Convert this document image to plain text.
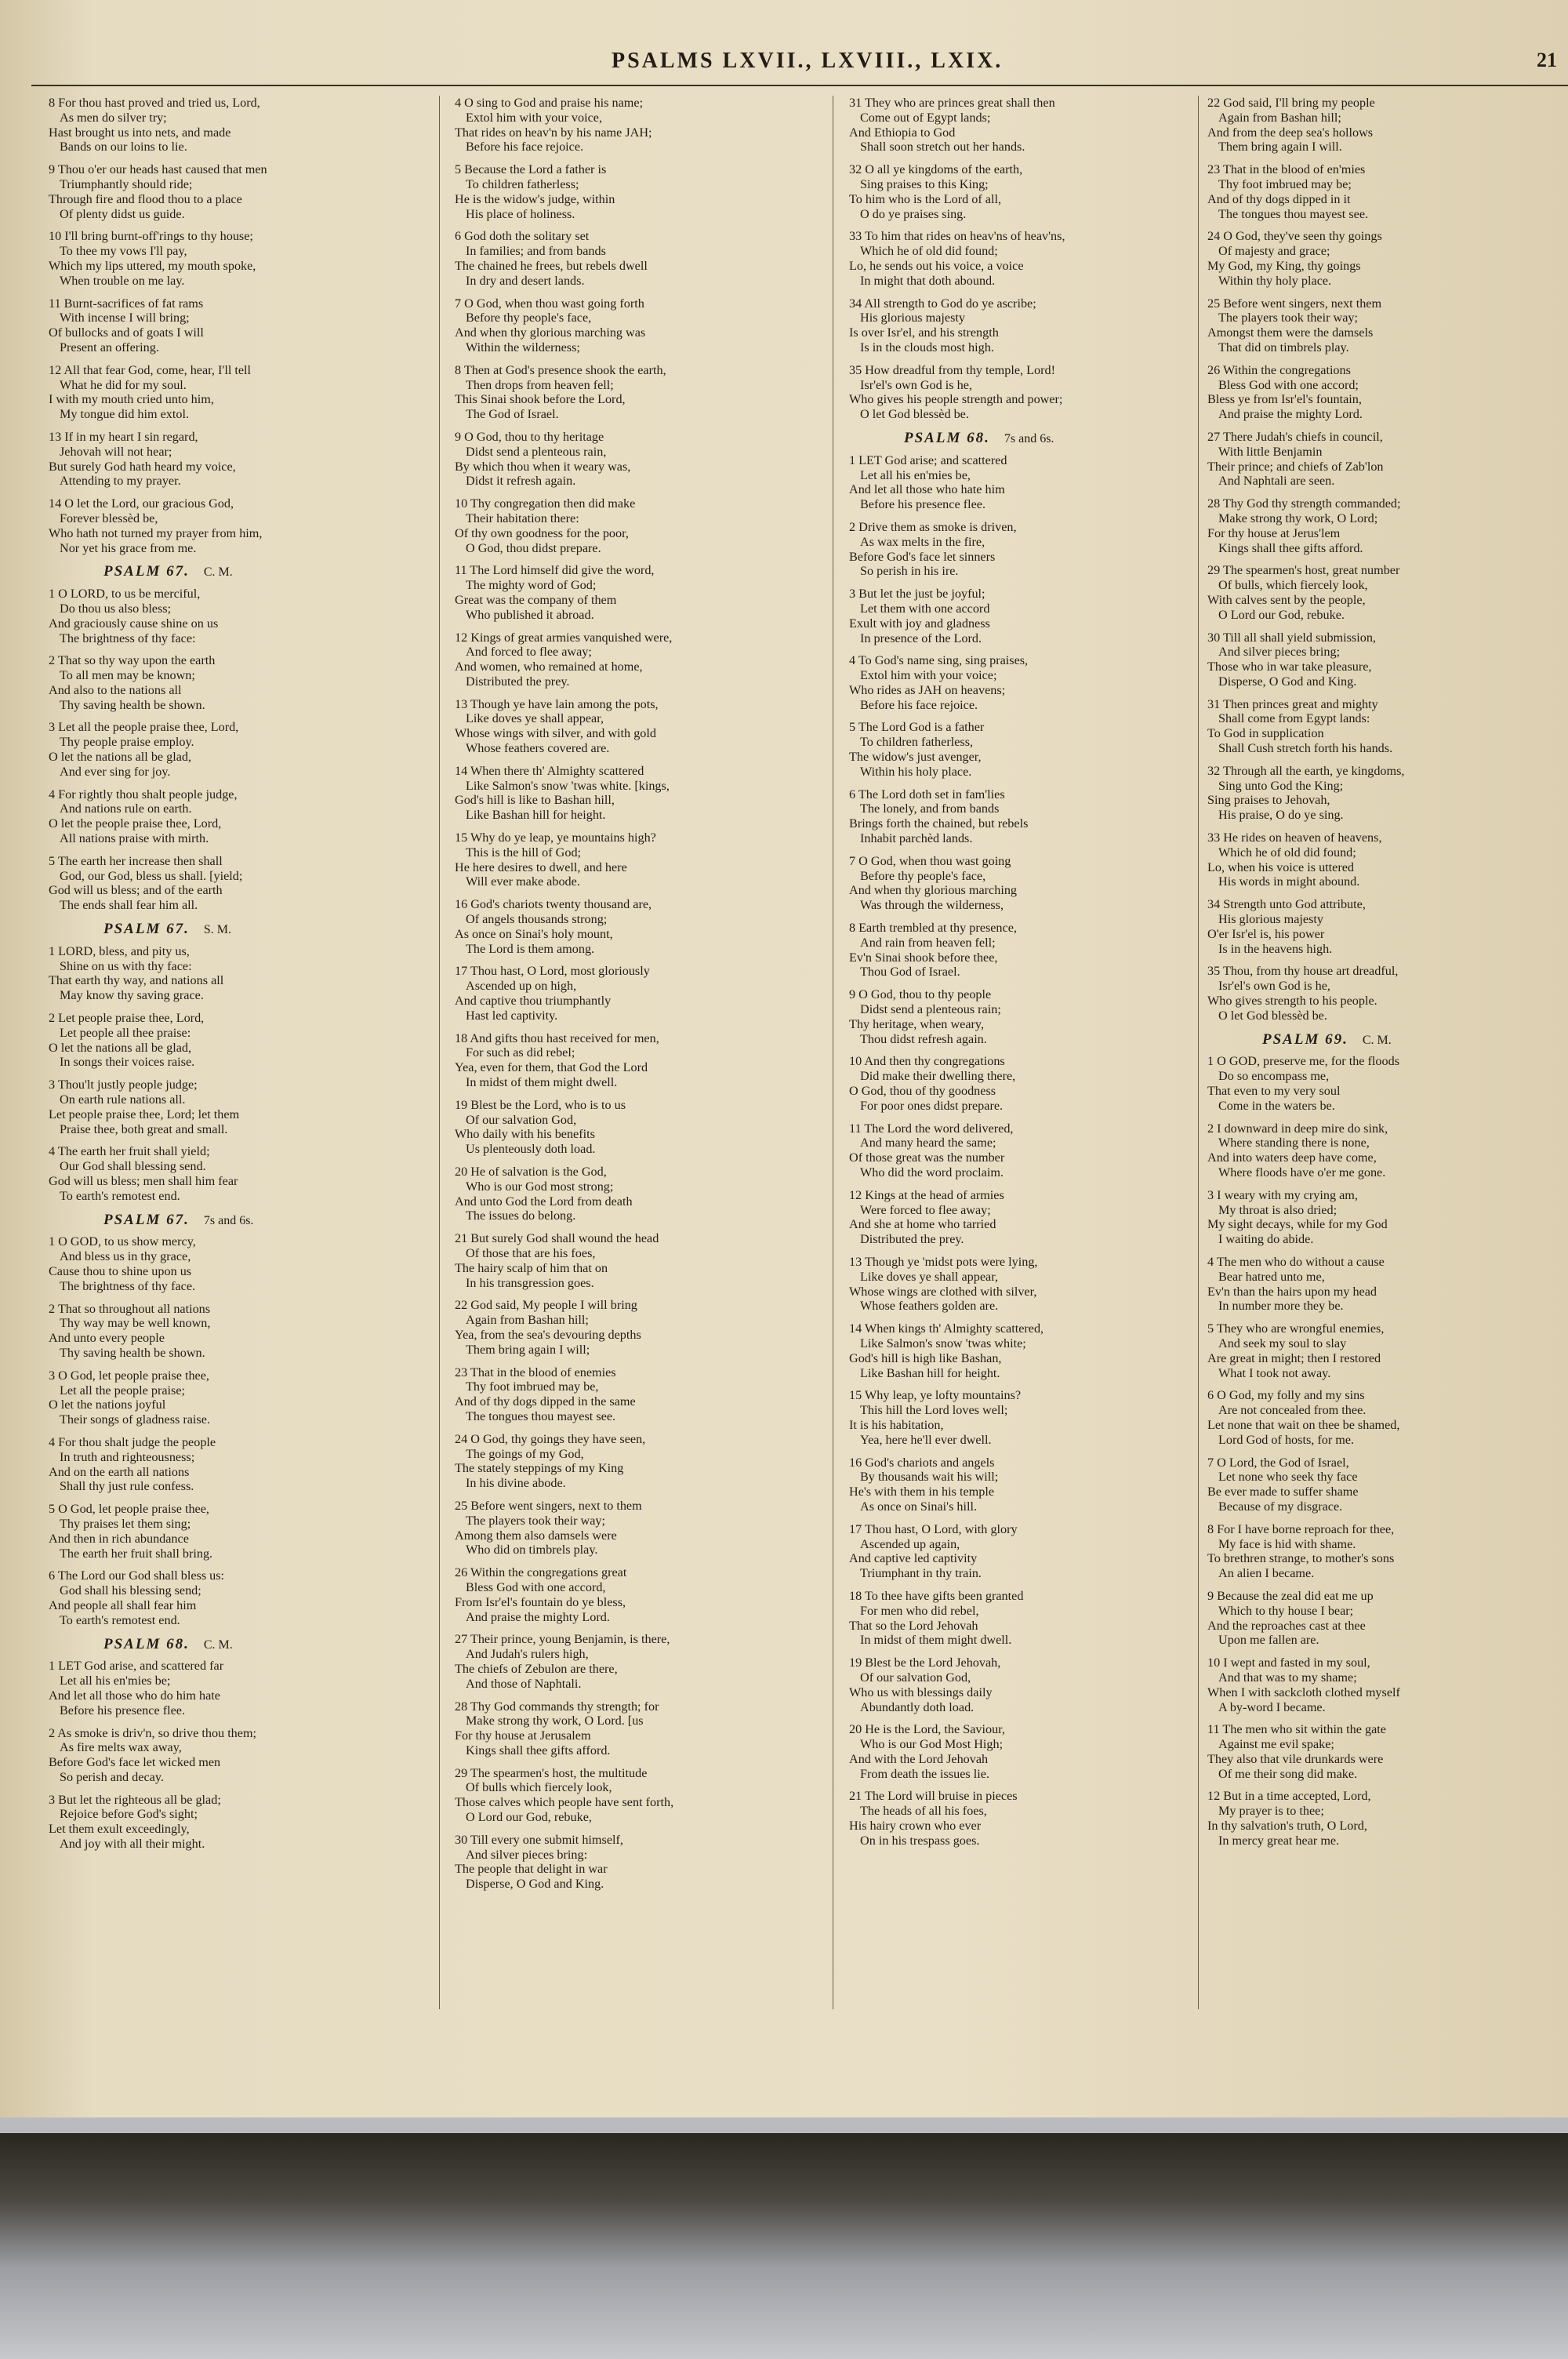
PSALMS LXVII., LXVIII., LXIX.	21
8 For thou hast proved and tried us, Lord,
As men do silver try;
Hast brought us into nets, and made
Bands on our loins to lie.
9 Thou o'er our heads hast caused that men
Triumphantly should ride;
Through fire and flood thou to a place
Of plenty didst us guide.
10 I'll bring burnt-off'rings to thy house;
To thee my vows I'll pay,
Which my lips uttered, my mouth spoke,
When trouble on me lay.
11 Burnt-sacrifices of fat rams
With incense I will bring;
Of bullocks and of goats I will
Present an offering.
12 All that fear God, come, hear, I'll tell
What he did for my soul.
I with my mouth cried unto him,
My tongue did him extol.
13 If in my heart I sin regard,
Jehovah will not hear;
But surely God hath heard my voice,
Attending to my prayer.
14 O let the Lord, our gracious God,
Forever blessèd be,
Who hath not turned my prayer from him,
Nor yet his grace from me.
PSALM 67. C. M.
1 O LORD, to us be merciful,
Do thou us also bless;
And graciously cause shine on us
The brightness of thy face:
2 That so thy way upon the earth
To all men may be known;
And also to the nations all
Thy saving health be shown.
3 Let all the people praise thee, Lord,
Thy people praise employ.
O let the nations all be glad,
And ever sing for joy.
4 For rightly thou shalt people judge,
And nations rule on earth.
O let the people praise thee, Lord,
All nations praise with mirth.
5 The earth her increase then shall
God, our God, bless us shall. [yield;
God will us bless; and of the earth
The ends shall fear him all.
PSALM 67. S. M.
1 LORD, bless, and pity us,
Shine on us with thy face:
That earth thy way, and nations all
May know thy saving grace.
2 Let people praise thee, Lord,
Let people all thee praise:
O let the nations all be glad,
In songs their voices raise.
3 Thou'lt justly people judge;
On earth rule nations all.
Let people praise thee, Lord; let them
Praise thee, both great and small.
4 The earth her fruit shall yield;
Our God shall blessing send.
God will us bless; men shall him fear
To earth's remotest end.
PSALM 67. 7s and 6s.
1 O GOD, to us show mercy,
And bless us in thy grace,
Cause thou to shine upon us
The brightness of thy face.
2 That so throughout all nations
Thy way may be well known,
And unto every people
Thy saving health be shown.
3 O God, let people praise thee,
Let all the people praise;
O let the nations joyful
Their songs of gladness raise.
4 For thou shalt judge the people
In truth and righteousness;
And on the earth all nations
Shall thy just rule confess.
5 O God, let people praise thee,
Thy praises let them sing;
And then in rich abundance
The earth her fruit shall bring.
6 The Lord our God shall bless us:
God shall his blessing send;
And people all shall fear him
To earth's remotest end.
PSALM 68. C. M.
1 LET God arise, and scattered far
Let all his en'mies be;
And let all those who do him hate
Before his presence flee.
2 As smoke is driv'n, so drive thou them;
As fire melts wax away,
Before God's face let wicked men
So perish and decay.
3 But let the righteous all be glad;
Rejoice before God's sight;
Let them exult exceedingly,
And joy with all their might.
4 O sing to God and praise his name;
Extol him with your voice,
That rides on heav'n by his name JAH;
Before his face rejoice.
5 Because the Lord a father is
To children fatherless;
He is the widow's judge, within
His place of holiness.
6 God doth the solitary set
In families; and from bands
The chained he frees, but rebels dwell
In dry and desert lands.
7 O God, when thou wast going forth
Before thy people's face,
And when thy glorious marching was
Within the wilderness;
8 Then at God's presence shook the earth,
Then drops from heaven fell;
This Sinai shook before the Lord,
The God of Israel.
9 O God, thou to thy heritage
Didst send a plenteous rain,
By which thou when it weary was,
Didst it refresh again.
10 Thy congregation then did make
Their habitation there:
Of thy own goodness for the poor,
O God, thou didst prepare.
11 The Lord himself did give the word,
The mighty word of God;
Great was the company of them
Who published it abroad.
12 Kings of great armies vanquished were,
And forced to flee away;
And women, who remained at home,
Distributed the prey.
13 Though ye have lain among the pots,
Like doves ye shall appear,
Whose wings with silver, and with gold
Whose feathers covered are.
14 When there th' Almighty scattered
Like Salmon's snow 'twas white. [kings,
God's hill is like to Bashan hill,
Like Bashan hill for height.
15 Why do ye leap, ye mountains high?
This is the hill of God;
He here desires to dwell, and here
Will ever make abode.
16 God's chariots twenty thousand are,
Of angels thousands strong;
As once on Sinai's holy mount,
The Lord is them among.
17 Thou hast, O Lord, most gloriously
Ascended up on high,
And captive thou triumphantly
Hast led captivity.
18 And gifts thou hast received for men,
For such as did rebel;
Yea, even for them, that God the Lord
In midst of them might dwell.
19 Blest be the Lord, who is to us
Of our salvation God,
Who daily with his benefits
Us plenteously doth load.
20 He of salvation is the God,
Who is our God most strong;
And unto God the Lord from death
The issues do belong.
21 But surely God shall wound the head
Of those that are his foes,
The hairy scalp of him that on
In his transgression goes.
22 God said, My people I will bring
Again from Bashan hill;
Yea, from the sea's devouring depths
Them bring again I will;
23 That in the blood of enemies
Thy foot imbrued may be,
And of thy dogs dipped in the same
The tongues thou mayest see.
24 O God, thy goings they have seen,
The goings of my God,
The stately steppings of my King
In his divine abode.
25 Before went singers, next to them
The players took their way;
Among them also damsels were
Who did on timbrels play.
26 Within the congregations great
Bless God with one accord,
From Isr'el's fountain do ye bless,
And praise the mighty Lord.
27 Their prince, young Benjamin, is there,
And Judah's rulers high,
The chiefs of Zebulon are there,
And those of Naphtali.
28 Thy God commands thy strength; for
Make strong thy work, O Lord. [us
For thy house at Jerusalem
Kings shall thee gifts afford.
29 The spearmen's host, the multitude
Of bulls which fiercely look,
Those calves which people have sent forth,
O Lord our God, rebuke,
30 Till every one submit himself,
And silver pieces bring:
The people that delight in war
Disperse, O God and King.
31 They who are princes great shall then
Come out of Egypt lands;
And Ethiopia to God
Shall soon stretch out her hands.
32 O all ye kingdoms of the earth,
Sing praises to this King;
To him who is the Lord of all,
O do ye praises sing.
33 To him that rides on heav'ns of heav'ns,
Which he of old did found;
Lo, he sends out his voice, a voice
In might that doth abound.
34 All strength to God do ye ascribe;
His glorious majesty
Is over Isr'el, and his strength
Is in the clouds most high.
35 How dreadful from thy temple, Lord!
Isr'el's own God is he,
Who gives his people strength and power;
O let God blessèd be.
PSALM 68. 7s and 6s.
1 LET God arise; and scattered
Let all his en'mies be,
And let all those who hate him
Before his presence flee.
2 Drive them as smoke is driven,
As wax melts in the fire,
Before God's face let sinners
So perish in his ire.
3 But let the just be joyful;
Let them with one accord
Exult with joy and gladness
In presence of the Lord.
4 To God's name sing, sing praises,
Extol him with your voice;
Who rides as JAH on heavens;
Before his face rejoice.
5 The Lord God is a father
To children fatherless,
The widow's just avenger,
Within his holy place.
6 The Lord doth set in fam'lies
The lonely, and from bands
Brings forth the chained, but rebels
Inhabit parchèd lands.
7 O God, when thou wast going
Before thy people's face,
And when thy glorious marching
Was through the wilderness,
8 Earth trembled at thy presence,
And rain from heaven fell;
Ev'n Sinai shook before thee,
Thou God of Israel.
9 O God, thou to thy people
Didst send a plenteous rain;
Thy heritage, when weary,
Thou didst refresh again.
10 And then thy congregations
Did make their dwelling there,
O God, thou of thy goodness
For poor ones didst prepare.
11 The Lord the word delivered,
And many heard the same;
Of those great was the number
Who did the word proclaim.
12 Kings at the head of armies
Were forced to flee away;
And she at home who tarried
Distributed the prey.
13 Though ye 'midst pots were lying,
Like doves ye shall appear,
Whose wings are clothed with silver,
Whose feathers golden are.
14 When kings th' Almighty scattered,
Like Salmon's snow 'twas white;
God's hill is high like Bashan,
Like Bashan hill for height.
15 Why leap, ye lofty mountains?
This hill the Lord loves well;
It is his habitation,
Yea, here he'll ever dwell.
16 God's chariots and angels
By thousands wait his will;
He's with them in his temple
As once on Sinai's hill.
17 Thou hast, O Lord, with glory
Ascended up again,
And captive led captivity
Triumphant in thy train.
18 To thee have gifts been granted
For men who did rebel,
That so the Lord Jehovah
In midst of them might dwell.
19 Blest be the Lord Jehovah,
Of our salvation God,
Who us with blessings daily
Abundantly doth load.
20 He is the Lord, the Saviour,
Who is our God Most High;
And with the Lord Jehovah
From death the issues lie.
21 The Lord will bruise in pieces
The heads of all his foes,
His hairy crown who ever
On in his trespass goes.
22 God said, I'll bring my people
Again from Bashan hill;
And from the deep sea's hollows
Them bring again I will.
23 That in the blood of en'mies
Thy foot imbrued may be;
And of thy dogs dipped in it
The tongues thou mayest see.
24 O God, they've seen thy goings
Of majesty and grace;
My God, my King, thy goings
Within thy holy place.
25 Before went singers, next them
The players took their way;
Amongst them were the damsels
That did on timbrels play.
26 Within the congregations
Bless God with one accord;
Bless ye from Isr'el's fountain,
And praise the mighty Lord.
27 There Judah's chiefs in council,
With little Benjamin
Their prince; and chiefs of Zab'lon
And Naphtali are seen.
28 Thy God thy strength commanded;
Make strong thy work, O Lord;
For thy house at Jerus'lem
Kings shall thee gifts afford.
29 The spearmen's host, great number
Of bulls, which fiercely look,
With calves sent by the people,
O Lord our God, rebuke.
30 Till all shall yield submission,
And silver pieces bring;
Those who in war take pleasure,
Disperse, O God and King.
31 Then princes great and mighty
Shall come from Egypt lands:
To God in supplication
Shall Cush stretch forth his hands.
32 Through all the earth, ye kingdoms,
Sing unto God the King;
Sing praises to Jehovah,
His praise, O do ye sing.
33 He rides on heaven of heavens,
Which he of old did found;
Lo, when his voice is uttered
His words in might abound.
34 Strength unto God attribute,
His glorious majesty
O'er Isr'el is, his power
Is in the heavens high.
35 Thou, from thy house art dreadful,
Isr'el's own God is he,
Who gives strength to his people.
O let God blessèd be.
PSALM 69. C. M.
1 O GOD, preserve me, for the floods
Do so encompass me,
That even to my very soul
Come in the waters be.
2 I downward in deep mire do sink,
Where standing there is none,
And into waters deep have come,
Where floods have o'er me gone.
3 I weary with my crying am,
My throat is also dried;
My sight decays, while for my God
I waiting do abide.
4 The men who do without a cause
Bear hatred unto me,
Ev'n than the hairs upon my head
In number more they be.
5 They who are wrongful enemies,
And seek my soul to slay
Are great in might; then I restored
What I took not away.
6 O God, my folly and my sins
Are not concealed from thee.
Let none that wait on thee be shamed,
Lord God of hosts, for me.
7 O Lord, the God of Israel,
Let none who seek thy face
Be ever made to suffer shame
Because of my disgrace.
8 For I have borne reproach for thee,
My face is hid with shame.
To brethren strange, to mother's sons
An alien I became.
9 Because the zeal did eat me up
Which to thy house I bear;
And the reproaches cast at thee
Upon me fallen are.
10 I wept and fasted in my soul,
And that was to my shame;
When I with sackcloth clothed myself
A by-word I became.
11 The men who sit within the gate
Against me evil spake;
They also that vile drunkards were
Of me their song did make.
12 But in a time accepted, Lord,
My prayer is to thee;
In thy salvation's truth, O Lord,
In mercy great hear me.
